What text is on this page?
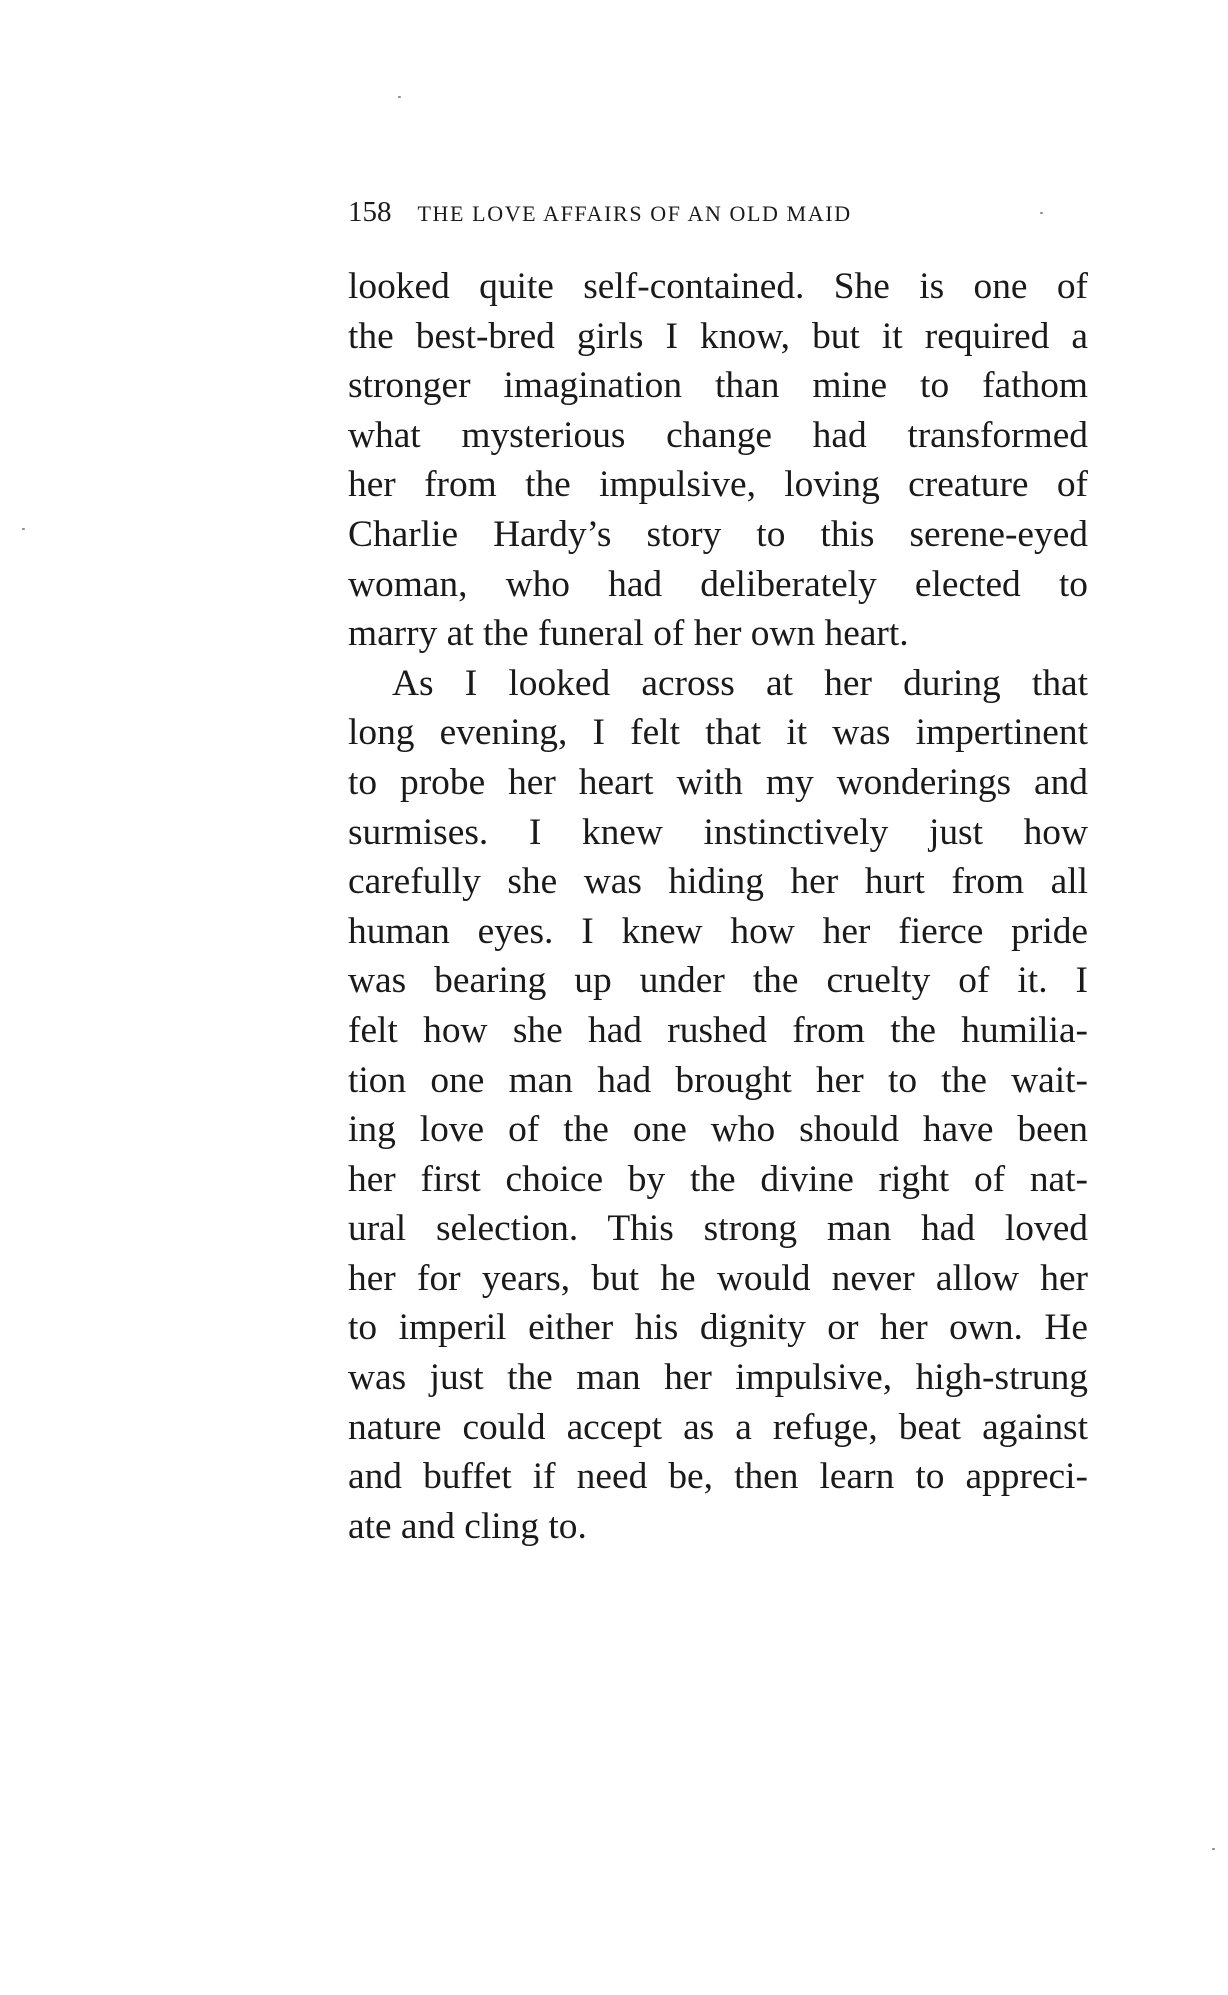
158 THE LOVE AFFAIRS OF AN OLD MAID
looked quite self-contained. She is one of
the best-bred girls I know, but it required a
stronger imagination than mine to fathom
what mysterious change had transformed
her from the impulsive, loving creature of
Charlie Hardy’s story to this serene-eyed
woman, who had deliberately elected to
marry at the funeral of her own heart.
As I looked across at her during that
long evening, I felt that it was impertinent
to probe her heart with my wonderings and
surmises. I knew instinctively just how
carefully she was hiding her hurt from all
human eyes. I knew how her fierce pride
was bearing up under the cruelty of it. I
felt how she had rushed from the humilia-
tion one man had brought her to the wait-
ing love of the one who should have been
her first choice by the divine right of nat-
ural selection. This strong man had loved
her for years, but he would never allow her
to imperil either his dignity or her own. He
was just the man her impulsive, high-strung
nature could accept as a refuge, beat against
and buffet if need be, then learn to appreci-
ate and cling to.
